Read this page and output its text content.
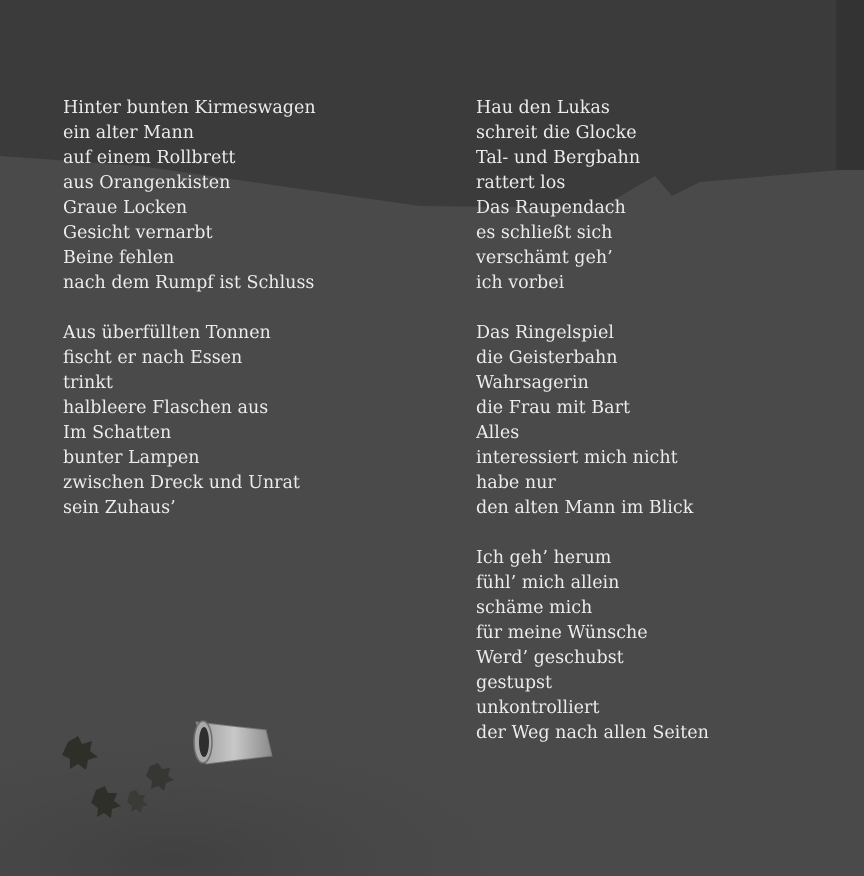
Hinter bunten Kirmeswagen
ein alter Mann
auf einem Rollbrett
aus Orangenkisten
Graue Locken
Gesicht vernarbt
Beine fehlen
nach dem Rumpf ist Schluss
Aus überfüllten Tonnen
fischt er nach Essen
trinkt
halbleere Flaschen aus
Im Schatten
bunter Lampen
zwischen Dreck und Unrat
sein Zuhaus’
Hau den Lukas
schreit die Glocke
Tal- und Bergbahn
rattert los
Das Raupendach
es schließt sich
verschämt geh’
ich vorbei
Das Ringelspiel
die Geisterbahn
Wahrsagerin
die Frau mit Bart
Alles
interessiert mich nicht
habe nur
den alten Mann im Blick
Ich geh’ herum
fühl’ mich allein
schäme mich
für meine Wünsche
Werd’ geschubst
gestupst
unkontrolliert
der Weg nach allen Seiten
